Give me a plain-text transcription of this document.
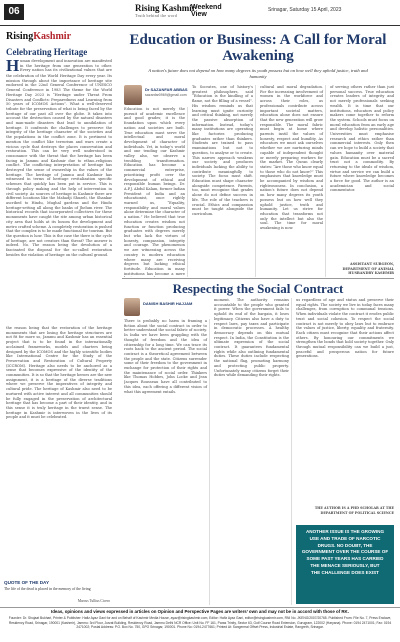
06	Rising Kashmir
Truth behind the word
Weekend
View
Srinagar, Saturday 15 April, 2023
RisingKashmir
Celebrating Heritage
H uman development and innovation are manifested in the heritage from one generation to other. Every nation has its civilizational values that are
the celebration of the World Heritage Day every year. Its mission through about the importance of heritage site endorsed in the 22nd General Conference of UNESCO General Conference in 1983 The theme for the World Heritage Day 2023 is “Heritage under Threat From Disasters and Conflicts: Preparedness and Learning from 50 years of ICOMOS Actions”. What a well-deserved tribute for the preservation of what is being faced by the heritage of our past all over the globe. It takes into account the destruction caused by the natural disasters and man-made disasters that lead to annihilation of heritage. It confronts the challenges to preserve the integrity of the heritage character of the societies and the populations in the conflict zone. It is pertinent to mention the conflict like terrorism and wars create a vicious cycle that destroys the places conservation and restoration. This can be very well understood in consonance with the threat that the heritage has been facing in Jammu and Kashmir due to ethno–religious conflict. The conflicting interpretation of heritage has destroyed the sense of ownership in the values of the heritage. The heritage of Jammu and Kashmir has witnessed in terms of heritage revitalization specific schemes that quickly has been put in service. This is through policy making and the help of intervention in civil society. As sources of heritage in Kashmir there are different locations like the Mahadji Shuzeli, the Shankar ascribed to Hindu, Mughal gardens and the Hindu heritage-setting all along the banks of Jhelum river. The historical records that incorporated collectives for these monuments have caught the site among urban historical city area that holds at its bosom the development and metro crafted scheme. A completely restoration is pushed that the complex is to be made functional for tourism. But the question is how. This is the case the there is the cycle of heritage, are not creators than threat? The answer is indeed. No. The reason being the devolution of a fascinated the disposal for the so-called restoration besides the violation of heritage on the cultural ground.
the reason being that the restoration of the heritage monuments that are losing the heritage structures are not fit for more so, Jammu and Kashmir has an essential project that is to be found in the internationally acclaimed frameworks, models and charters being designed by the ICOMOS and the highly scientific bodies like International Centre for the Study of the Preservation and Restoration of Cultural Property (ICCROM). Heritage also needs to be anchored as a sense that becomes expressive of the identity of the communities. It is so that the heritage heroes are the new assignment, it is a heritage of the diverse traditions where we preserve the imperatives of integrity and cultural pride. The heritage of Kashmir also need to be nurtured with active interest and all communities should be fully engaged in the preservation of architectural heritage that has become a part of their identity, and in this sense it is truly heritage in the truest sense. The heritage in Kashmir is interwoven in the lives of its people and it must be celebrated.
QUOTE OF THE DAY
The life of the dead is placed in the memory of the living
Marcus Tullius Cicero
Education or Business: A Call for Moral Awakening
A nation's future does not depend on how many degrees its youth possess but on how well they uphold justice, truth and humanity
Dr SAZANFAR ABBAS
sazanfar0969@gmail.com
Education is not merely the pursuit of academic excellence and good grades; it is the foundation upon which every nation and societies are built. True education must serve the intellectual and moral development of character of individuals. Yet, in today’s world and one tending our Kashmir valley also, we observe a troubling transformation. Education has become a commercial enterprise, prioritizing profit over the development of ethical and responsible human beings. Dr. A.P.J. Abdul Kalam, former Indian President of India and an educationist, once rightly warned us, “Equality, responsibility and moral values alone determine the character of a nation.” He believed that true education creates wisdom not function or function producing graduates with degrees merely but who lack the virtues of honesty, compassion, integrity and courage. The phenomenon we are witnessing across the country is modern education where many are receiving degrees but lacking ethical fortitude. Education in many institutions has become a mere
To Socrates, one of history’s greatest philosophers, said “Education is the kindling of a flame, not the filling of a vessel”. His wisdom reminds us that learning must ignite curiosity and critical thinking, not merely the passive absorption of information. Instead, today’s many institutions are operating like factories producing graduates rather than thinkers. Students are trained to pass examinations but not to question, to analyse or to create. This narrow approach weakens our society and produces individuals lacking the ability to contribute meaningfully to society. The focus must shift. Education must shape character alongside competence. Parents, too, must recognise that grades alone do not define success in life. The role of the teachers is crucial. Ethics and compassion must be taught alongside the curriculum.
cultural and moral degradation. For the increasing involvement of women in the workforce and across their roles, as professionals contribute across important societal matters, education alone does not ensure that the new generation will grow responsible. The moral fabric must begin at home where parents instil the values of honesty, respect and humility. As educators we must ask ourselves whether we are nurturing minds capable of independent thought or merely preparing workers for the market. The Quran clearly states: “Are those who know equal to those who do not know?” This emphasises that knowledge must be accompanied by wisdom and righteousness. In conclusion, a nation’s future does not depend on how many degrees its youth possess but on how well they uphold justice, truth and humanity. Let us strive for education that transforms not only the intellect but also the soul. The time for moral awakening is now.
of serving others rather than just personal success. True education creates leaders of integrity and not merely professionals seeking wealth. It is time that our institutions, educators and policy makers come together to reform the system. Schools must focus on moral education from an early age and develop holistic personalities. Universities must emphasise research and ethics rather than commercial interests. Only then can we hope to build a society that values humanity over material gain. Education must be a sacred trust not a commodity. By returning to the ideals of wisdom, virtue and service we can build a future where knowledge becomes a force for good. The author is an academician and social commentator.
ASSISTANT SURGEON, DEPARTMENT OF ANIMAL HUSBANDRY KASHMIR
Respecting the Social Contract
DANISH BASHIR HAJJAM
There is probably no harm in framing a fiction about the social contract in order to better understand the social fabric of society. In India we have been grappling with the thought of freedom and the idea of citizenship for a long time. We can trace its roots back to the ancient period. The social contract is a theoretical agreement between the people and the state. Citizens surrender some of their freedom to the government in exchange for protection of their rights and the maintenance of social order. Thinkers like Thomas Hobbes, John Locke and Jean Jacques Rousseau have all contributed to this idea, each offering a different vision of what this agreement entails.
moment. The authority remains accountable to the people who granted it power. When the government fails to uphold its end of the bargain, it loses legitimacy. Citizens also have a duty to respect laws, pay taxes and participate in democratic processes. A healthy democracy depends on this mutual respect. In India, the Constitution is the ultimate expression of the social contract. It guarantees fundamental rights while also outlining fundamental duties. These duties include respecting the national flag, promoting harmony and protecting public property. Unfortunately many citizens forget their duties while demanding their rights.
us regardless of age and status and preserve their equal rights. The society we live in today faces many challenges, from corruption to communal tensions. When individuals violate the contract it erodes public trust and social cohesion. To respect the social contract is not merely to obey laws but to embrace the values of justice, liberty, equality and fraternity. Each citizen must recognise that their actions affect others. By honouring our commitments we strengthen the bonds that hold society together. Only through mutual responsibility can we build a just, peaceful and prosperous nation for future generations.
THE AUTHOR IS A PHD SCHOLAR AT THE DEPARTMENT OF POLITICAL SCIENCE
ANOTHER ISSUE IS THE GROWING
USE AND TRADE OF NARCOTIC
DRUGS. NO DOUBT, THE
GOVERNMENT OVER THE COURSE OF
SOME PAST YEARS HAS CARRIED
THE MENACE SERIOUSLY, BUT
THE CHALLENGE DOES EXIST
Ideas, opinions and views expressed in articles on Opinion and Perspective Pages are writers’ own and may not be in accord with those of RK.
Founder: Dr. Shujaat Bukhari, Printer & Publisher: Hafiz Ayaz Gani for and on Behalf of Kashmir Media House, ayaz@risingkashmir.com, Editor: Hafiz Ayaz Gani, editor@risingkashmir.com, RNI No. JKENG/2007/20765. Published From: File No. 7, Press Enclave, Residency Road, Srinagar, 190001 (Kashmir), Jammu: 3rd Floor, Jusrat Building, Residency Road, Jammu Delhi NCR Office: Unit No. FF 161, Paras Trinity, Sector 63, Golf Course Road Extension, Gurugram, 122002 (Haryana). Phone: 0194 2471001; Fax: 0194 2471002; Postal Address: P.O. Box No. 750, GPO Srinagar, 190001. Phone No: 0194-2477661; Printed At: Sangermal Offset Press, Industrial Estate, Rangreth, Srinagar.
